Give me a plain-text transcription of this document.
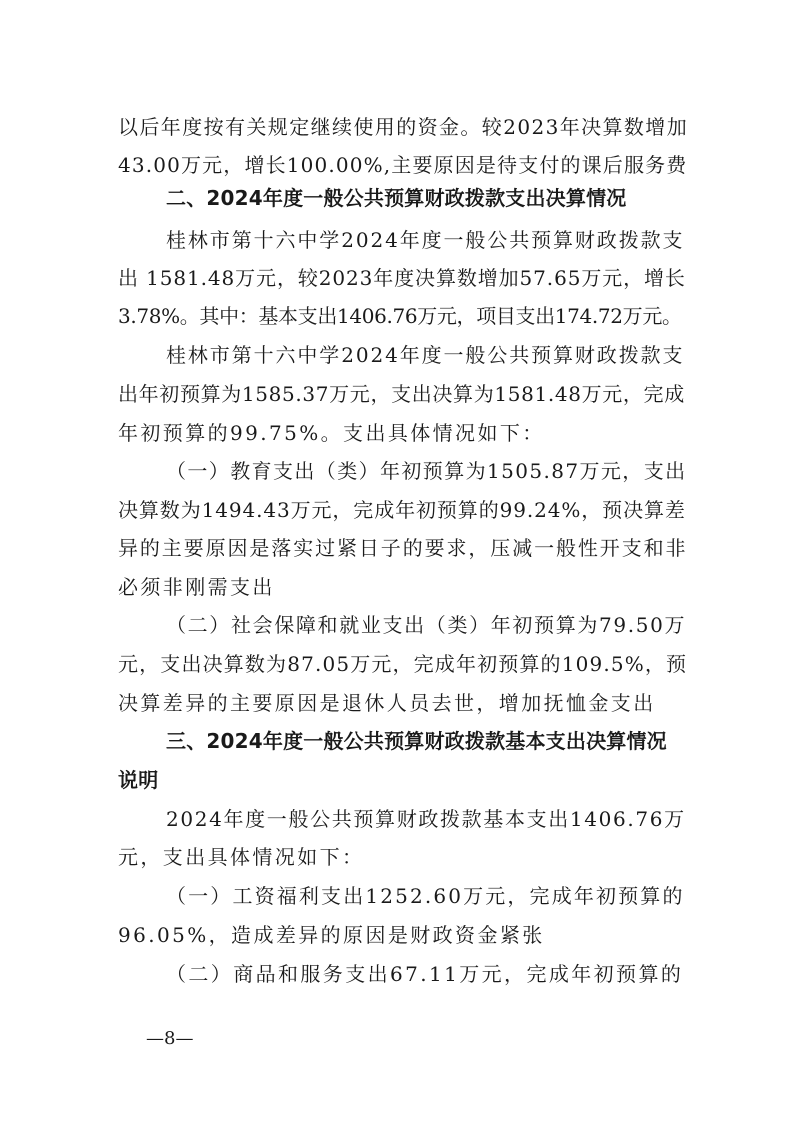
以后年度按有关规定继续使用的资金。较2023年决算数增加
43.00万元，增长100.00%,主要原因是待支付的课后服务费
二、2024年度一般公共预算财政拨款支出决算情况
桂林市第十六中学2024年度一般公共预算财政拨款支
出 1581.48万元，较2023年度决算数增加57.65万元，增长
3.78%。其中：基本支出1406.76万元，项目支出174.72万元。
桂林市第十六中学2024年度一般公共预算财政拨款支
出年初预算为1585.37万元，支出决算为1581.48万元，完成
年初预算的99.75%。支出具体情况如下：
（一）教育支出（类）年初预算为1505.87万元，支出
决算数为1494.43万元，完成年初预算的99.24%，预决算差
异的主要原因是落实过紧日子的要求，压减一般性开支和非
必须非刚需支出
（二）社会保障和就业支出（类）年初预算为79.50万
元，支出决算数为87.05万元，完成年初预算的109.5%，预
决算差异的主要原因是退休人员去世，增加抚恤金支出
三、2024年度一般公共预算财政拨款基本支出决算情况
说明
2024年度一般公共预算财政拨款基本支出1406.76万
元，支出具体情况如下：
（一）工资福利支出1252.60万元，完成年初预算的
96.05%，造成差异的原因是财政资金紧张
（二）商品和服务支出67.11万元，完成年初预算的
—8—
